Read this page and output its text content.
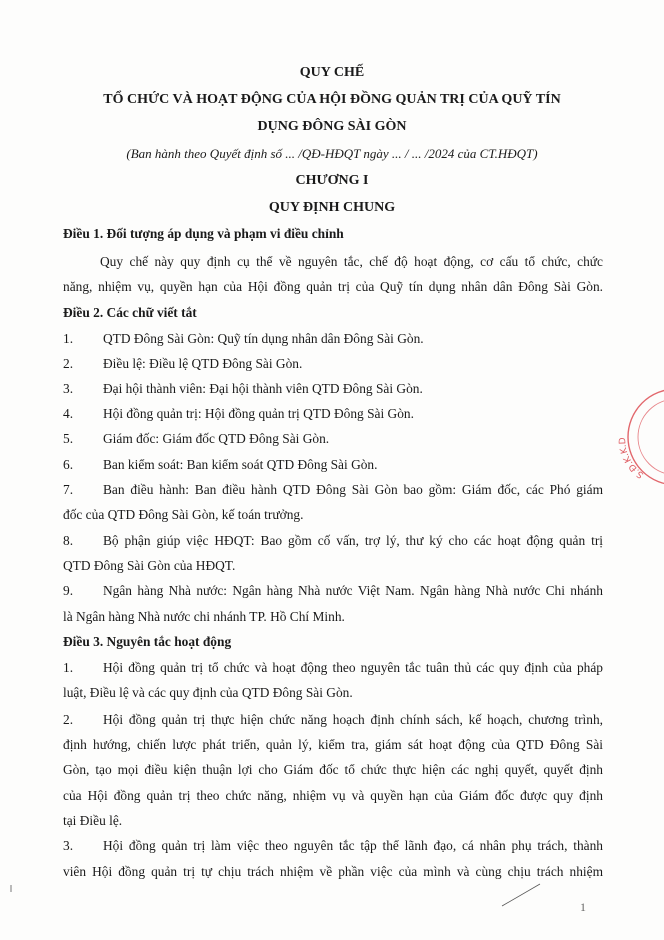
QUY CHẾ
TỔ CHỨC VÀ HOẠT ĐỘNG CỦA HỘI ĐỒNG QUẢN TRỊ CỦA QUỸ TÍN
DỤNG ĐÔNG SÀI GÒN
(Ban hành theo Quyết định số ... /QĐ-HĐQT ngày ... / ... /2024 của CT.HĐQT)
CHƯƠNG I
QUY ĐỊNH CHUNG
Điều 1. Đối tượng áp dụng và phạm vi điều chỉnh
Quy chế này quy định cụ thể về nguyên tắc, chế độ hoạt động, cơ cấu tổ chức, chức
năng, nhiệm vụ, quyền hạn của Hội đồng quản trị của Quỹ tín dụng nhân dân Đông Sài Gòn.
Điều 2. Các chữ viết tắt
1. QTD Đông Sài Gòn: Quỹ tín dụng nhân dân Đông Sài Gòn.
2. Điều lệ: Điều lệ QTD Đông Sài Gòn.
3. Đại hội thành viên: Đại hội thành viên QTD Đông Sài Gòn.
4. Hội đồng quản trị: Hội đồng quản trị QTD Đông Sài Gòn.
5. Giám đốc: Giám đốc QTD Đông Sài Gòn.
6. Ban kiểm soát: Ban kiểm soát QTD Đông Sài Gòn.
7. Ban điều hành: Ban điều hành QTD Đông Sài Gòn bao gồm: Giám đốc, các Phó giám
đốc của QTD Đông Sài Gòn, kế toán trưởng.
8. Bộ phận giúp việc HĐQT: Bao gồm cố vấn, trợ lý, thư ký cho các hoạt động quản trị
QTD Đông Sài Gòn của HĐQT.
9. Ngân hàng Nhà nước: Ngân hàng Nhà nước Việt Nam. Ngân hàng Nhà nước Chi nhánh
là Ngân hàng Nhà nước chi nhánh TP. Hồ Chí Minh.
Điều 3. Nguyên tắc hoạt động
1. Hội đồng quản trị tổ chức và hoạt động theo nguyên tắc tuân thủ các quy định của pháp
luật, Điều lệ và các quy định của QTD Đông Sài Gòn.
2. Hội đồng quản trị thực hiện chức năng hoạch định chính sách, kế hoạch, chương trình,
định hướng, chiến lược phát triển, quản lý, kiểm tra, giám sát hoạt động của QTD Đông Sài
Gòn, tạo mọi điều kiện thuận lợi cho Giám đốc tổ chức thực hiện các nghị quyết, quyết định
của Hội đồng quản trị theo chức năng, nhiệm vụ và quyền hạn của Giám đốc được quy định
tại Điều lệ.
3. Hội đồng quản trị làm việc theo nguyên tắc tập thể lãnh đạo, cá nhân phụ trách, thành
viên Hội đồng quản trị tự chịu trách nhiệm về phần việc của mình và cùng chịu trách nhiệm
S.Đ.K.K.D
1
